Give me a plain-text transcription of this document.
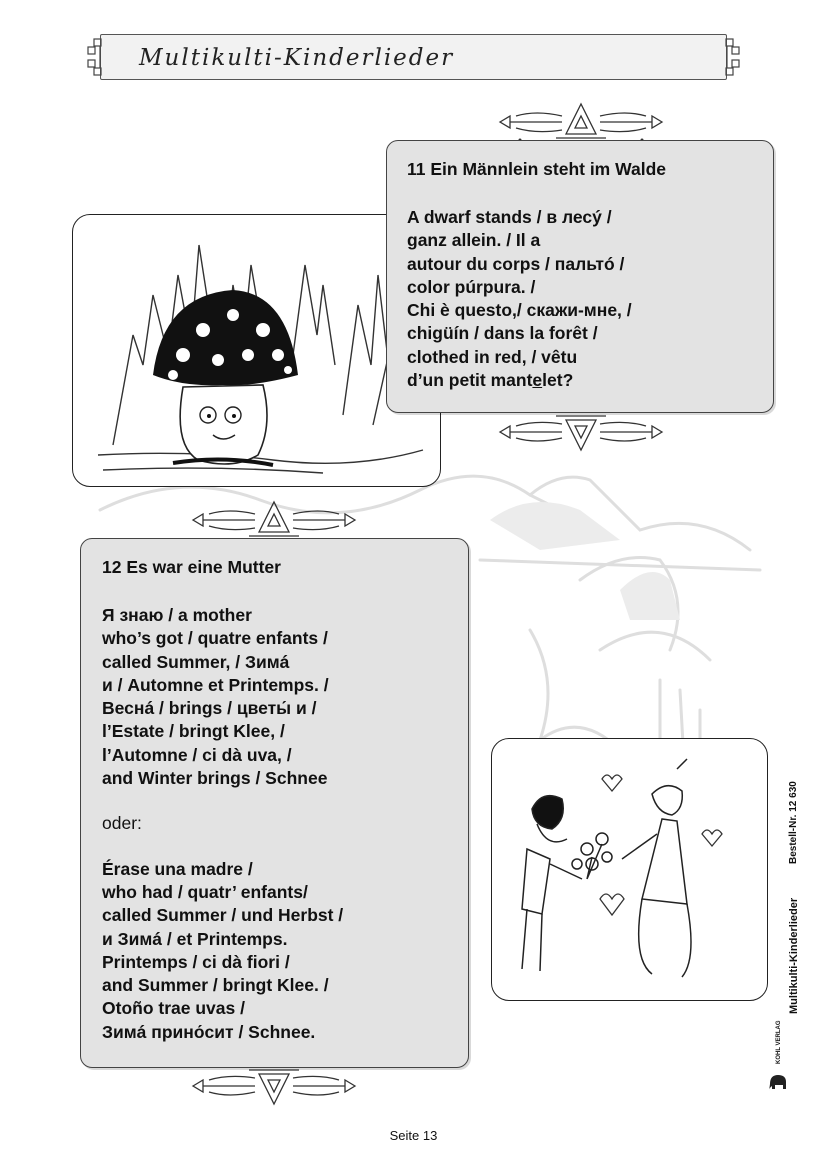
Multikulti-Kinderlieder
11 Ein Männlein steht im Walde
A dwarf stands / в лесý /
ganz allein. / Il a
autour du corps / пальтó /
color púrpura. /
Chi è questo,/ скажи-мне, /
chigüín / dans la forêt /
clothed in red, / vêtu
d’un petit mantelet?
12 Es war eine Mutter
Я знаю / a mother
who’s got / quatre enfants /
called Summer, / Зимá
и / Automne et Printemps. /
Веснá / brings / цветы́ и /
l’Estate / bringt Klee, /
l’Automne / ci dà uva, /
and Winter brings / Schnee
oder:
Érase una madre /
who had / quatr’ enfants/
called Summer / und Herbst /
и Зимá / et Printemps.
Printemps / ci dà fiori /
and Summer / bringt Klee. /
Otoño trae uvas /
Зимá прино́сит / Schnee.
Bestell-Nr. 12 630
Multikulti-Kinderlieder
KOHL VERLAG
Seite 13
